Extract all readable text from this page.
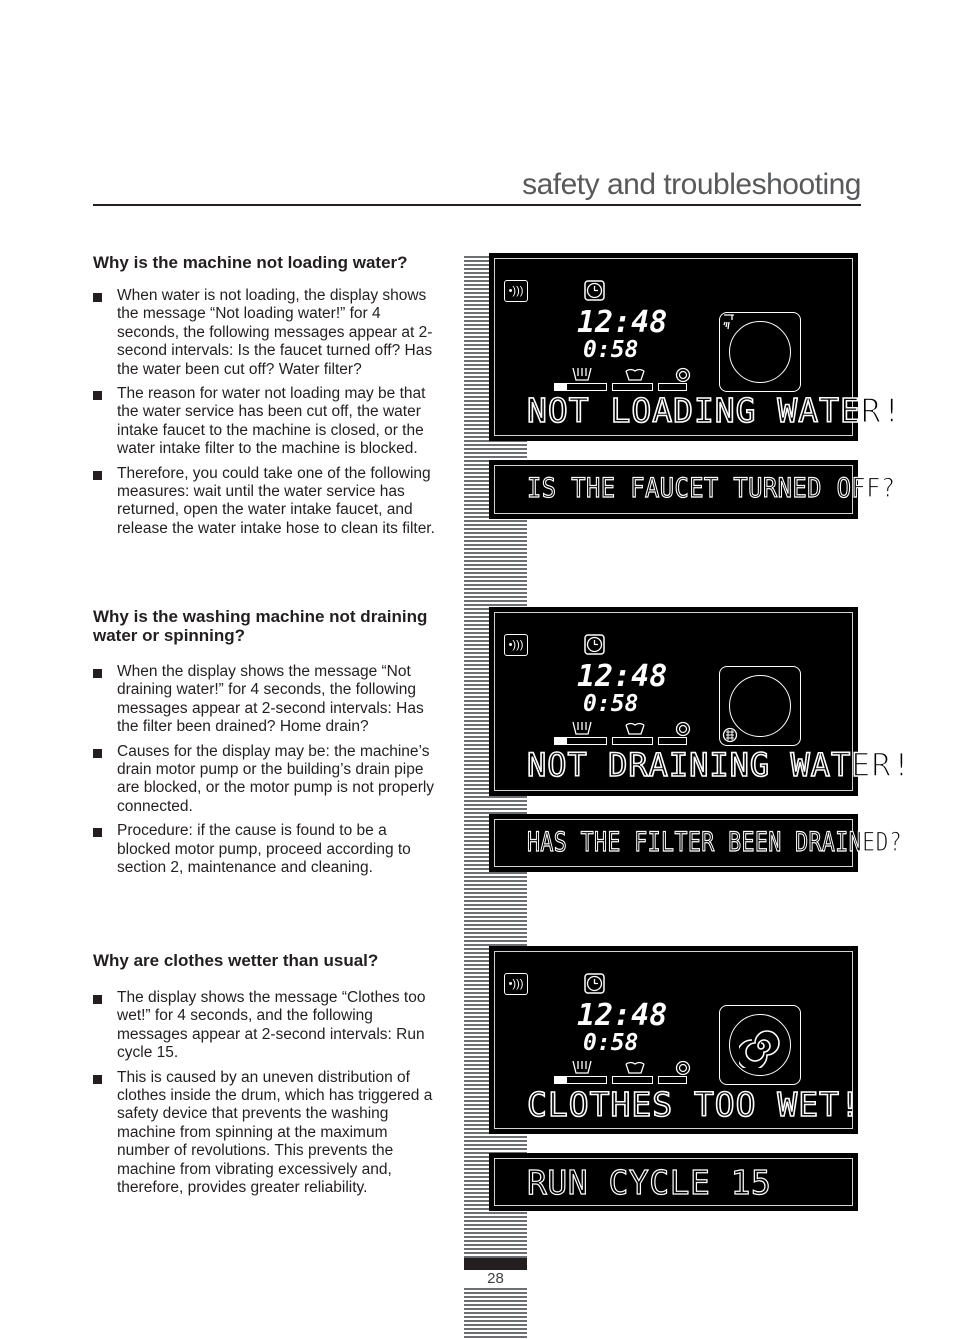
safety and troubleshooting
28
Why is the machine not loading water?
When water is not loading, the display shows the message “Not loading water!” for 4 seconds, the following messages appear at 2-second intervals: Is the faucet turned off? Has the water been cut off? Water filter?
The reason for water not loading may be that the water service has been cut off, the water intake faucet to the machine is closed, or the water intake filter to the machine is blocked.
Therefore, you could take one of the following measures: wait until the water service has returned, open the water intake faucet, and release the water intake hose to clean its filter.
Why is the washing machine not draining water or spinning?
When the display shows the message “Not draining water!” for 4 seconds, the following messages appear at 2-second intervals: Has the filter been drained? Home drain?
Causes for the display may be: the machine’s drain motor pump or the building’s drain pipe are blocked, or the motor pump is not properly connected.
Procedure: if the cause is found to be a blocked motor pump, proceed according to section 2, maintenance and cleaning.
Why are clothes wetter than usual?
The display shows the message “Clothes too wet!” for 4 seconds, and the following messages appear at 2-second intervals: Run cycle 15.
This is caused by an uneven distribution of clothes inside the drum, which has triggered a safety device that prevents the washing machine from spinning at the maximum number of revolutions. This prevents the machine from vibrating excessively and, therefore, provides greater reliability.
•)))
12:48
0:58
NOT LOADING WATER!
IS THE FAUCET TURNED OFF?
•)))
12:48
0:58
NOT DRAINING WATER!
HAS THE FILTER BEEN DRAINED?
•)))
12:48
0:58
CLOTHES TOO WET!
RUN CYCLE 15
